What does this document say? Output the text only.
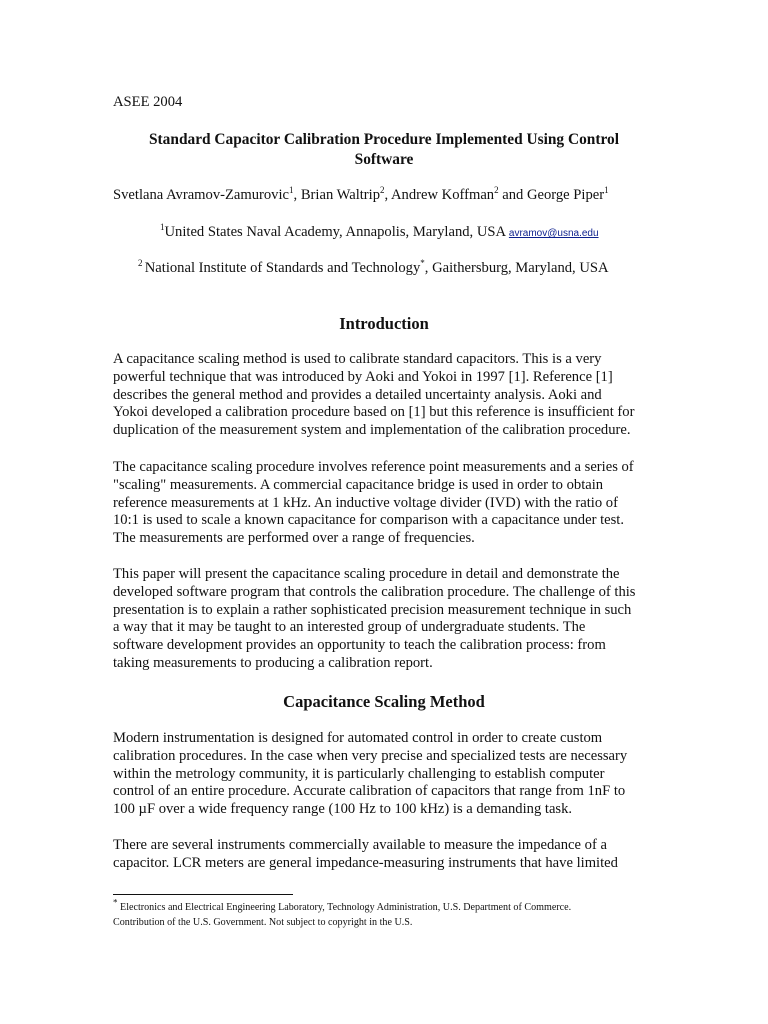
ASEE 2004
Standard Capacitor Calibration Procedure Implemented Using Control
Software
Svetlana Avramov-Zamurovic$^1$, Brian Waltrip$^2$, Andrew Koffman$^2$ and George Piper$^1$
$^1$United States Naval Academy, Annapolis, Maryland, USA avramov@usna.edu
$^2$ National Institute of Standards and Technology*, Gaithersburg, Maryland, USA
Introduction
A capacitance scaling method is used to calibrate standard capacitors. This is a very
powerful technique that was introduced by Aoki and Yokoi in 1997 [1]. Reference [1]
describes the general method and provides a detailed uncertainty analysis. Aoki and
Yokoi developed a calibration procedure based on [1] but this reference is insufficient for
duplication of the measurement system and implementation of the calibration procedure.
The capacitance scaling procedure involves reference point measurements and a series of
"scaling" measurements. A commercial capacitance bridge is used in order to obtain
reference measurements at 1 kHz. An inductive voltage divider (IVD) with the ratio of
10:1 is used to scale a known capacitance for comparison with a capacitance under test.
The measurements are performed over a range of frequencies.
This paper will present the capacitance scaling procedure in detail and demonstrate the
developed software program that controls the calibration procedure. The challenge of this
presentation is to explain a rather sophisticated precision measurement technique in such
a way that it may be taught to an interested group of undergraduate students. The
software development provides an opportunity to teach the calibration process: from
taking measurements to producing a calibration report.
Capacitance Scaling Method
Modern instrumentation is designed for automated control in order to create custom
calibration procedures. In the case when very precise and specialized tests are necessary
within the metrology community, it is particularly challenging to establish computer
control of an entire procedure. Accurate calibration of capacitors that range from 1nF to
100 µF over a wide frequency range (100 Hz to 100 kHz) is a demanding task.
There are several instruments commercially available to measure the impedance of a
capacitor. LCR meters are general impedance-measuring instruments that have limited
* Electronics and Electrical Engineering Laboratory, Technology Administration, U.S. Department of Commerce.
Contribution of the U.S. Government. Not subject to copyright in the U.S.
